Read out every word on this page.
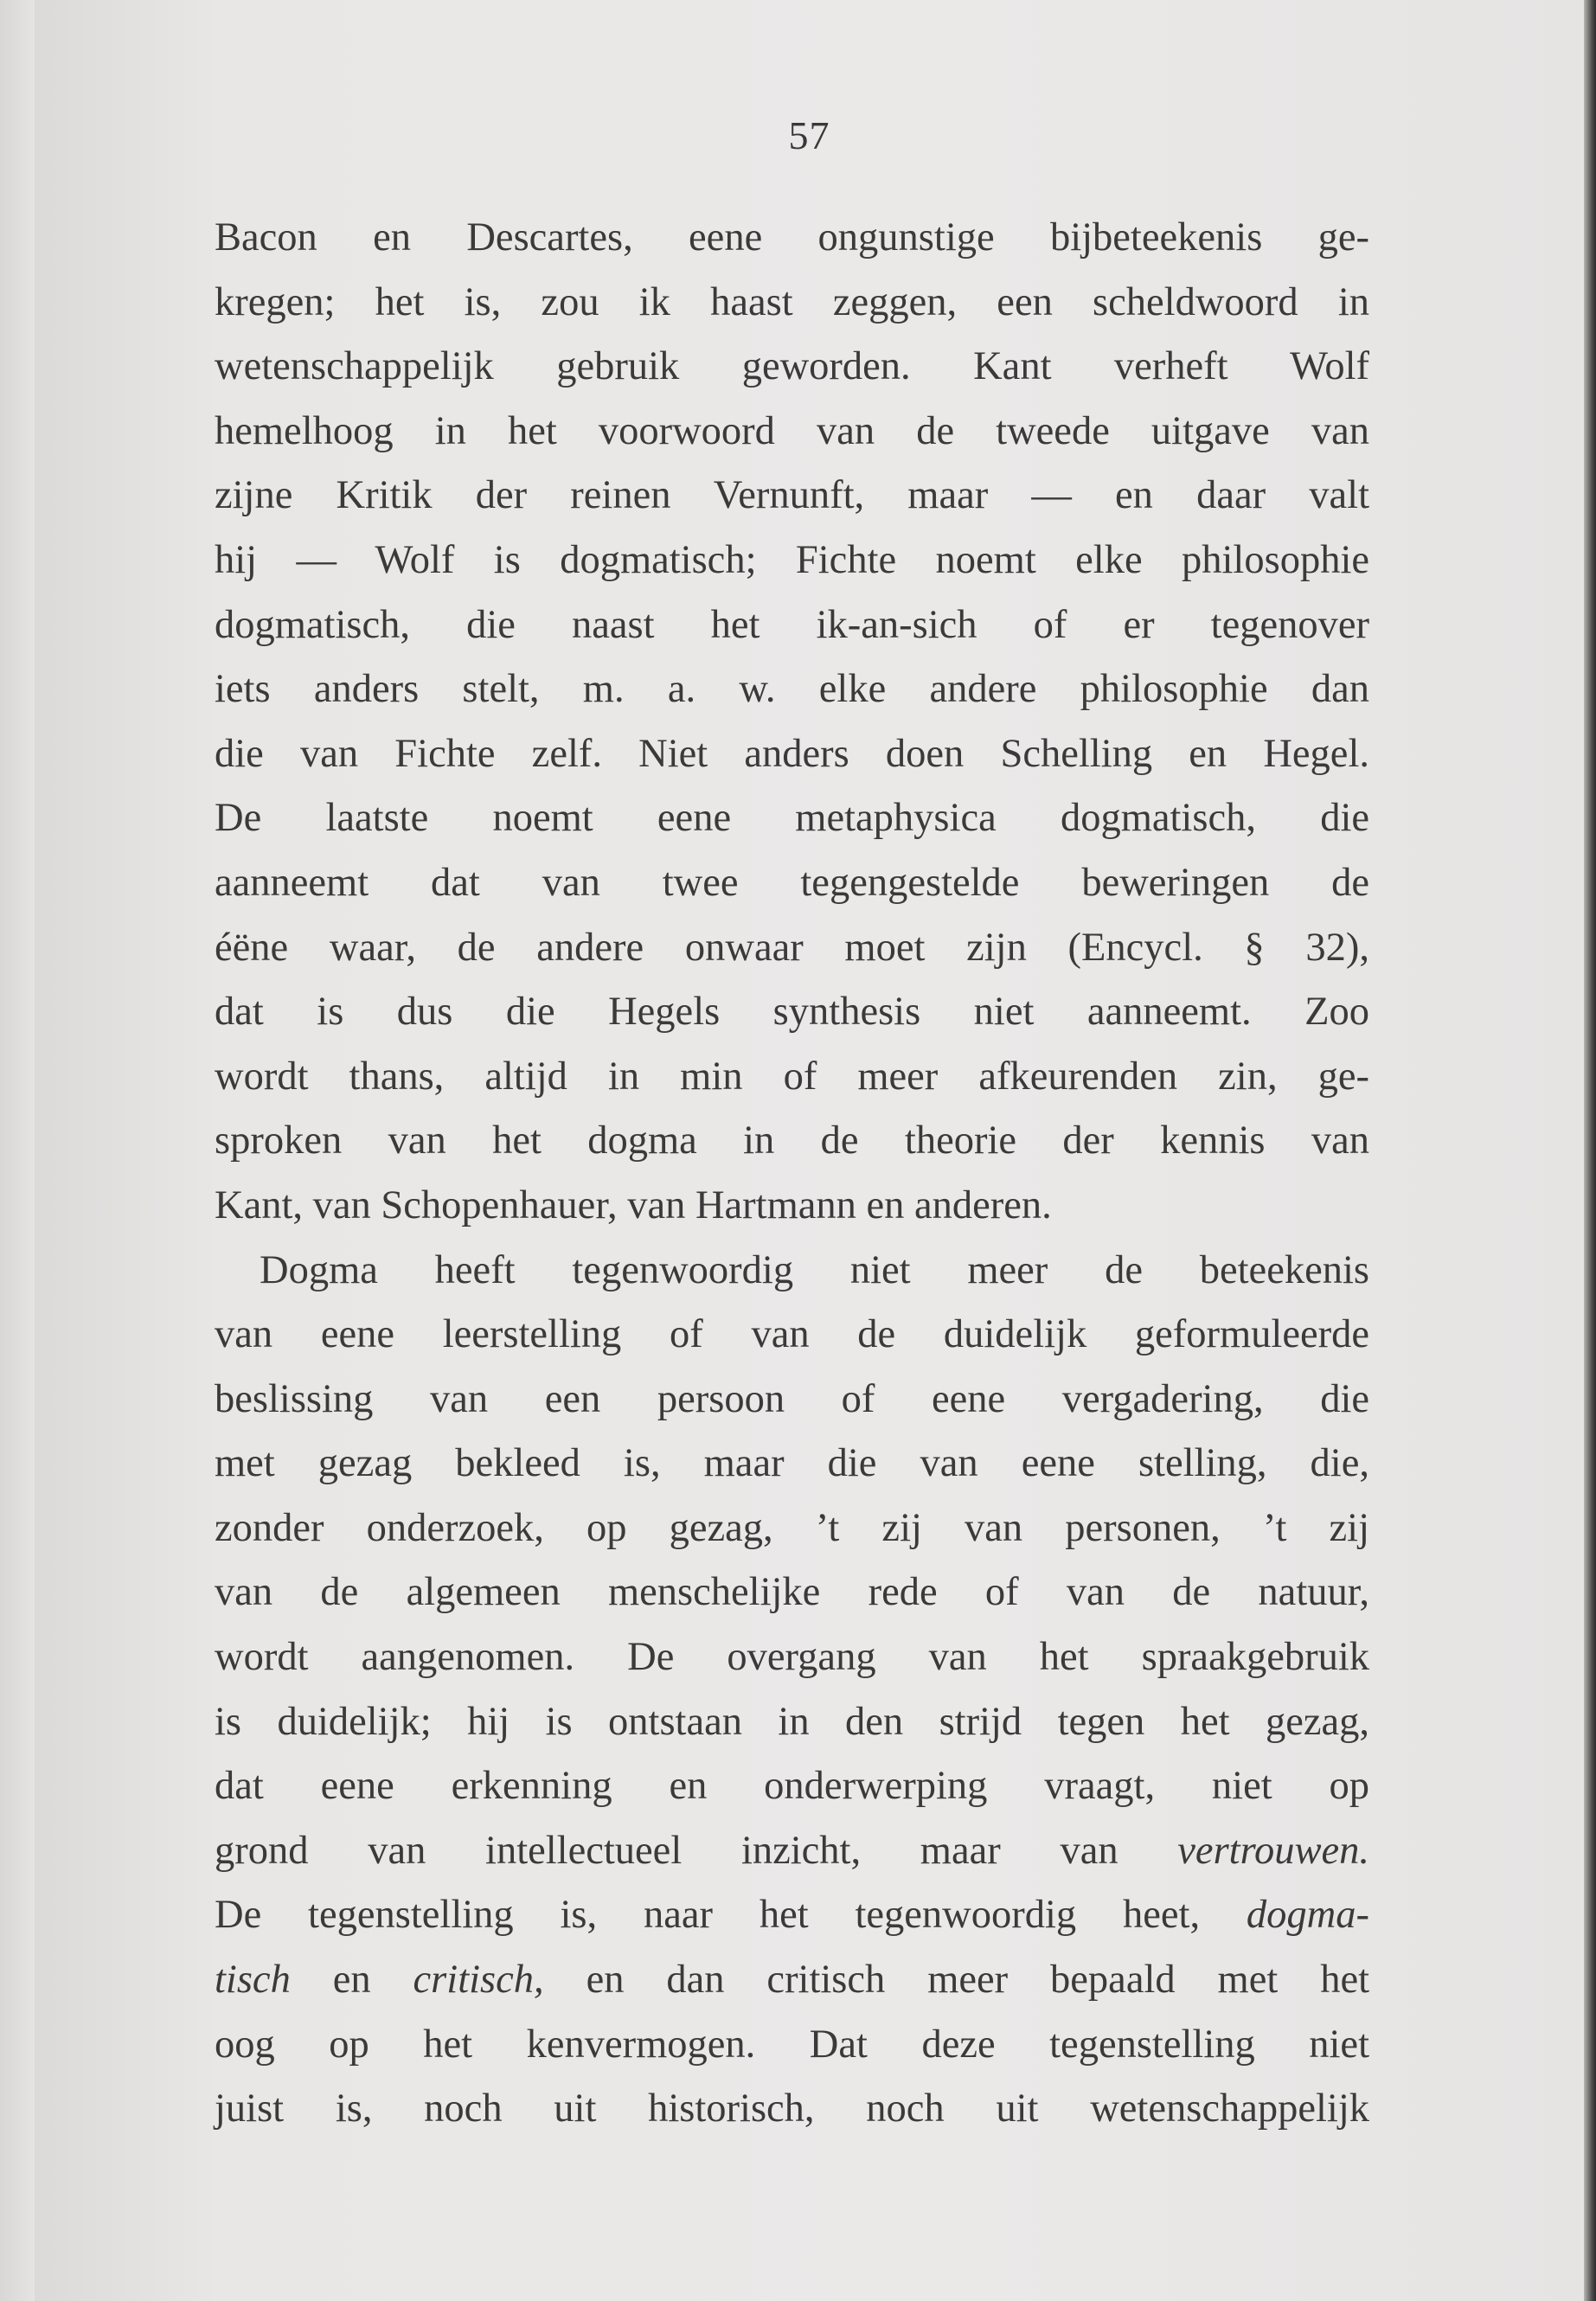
57
Bacon en Descartes, eene ongunstige bijbeteekenis ge-
kregen; het is, zou ik haast zeggen, een scheldwoord in
wetenschappelijk gebruik geworden. Kant verheft Wolf
hemelhoog in het voorwoord van de tweede uitgave van
zijne Kritik der reinen Vernunft, maar — en daar valt
hij — Wolf is dogmatisch; Fichte noemt elke philosophie
dogmatisch, die naast het ik-an-sich of er tegenover
iets anders stelt, m. a. w. elke andere philosophie dan
die van Fichte zelf. Niet anders doen Schelling en Hegel.
De laatste noemt eene metaphysica dogmatisch, die
aanneemt dat van twee tegengestelde beweringen de
éëne waar, de andere onwaar moet zijn (Encycl. § 32),
dat is dus die Hegels synthesis niet aanneemt. Zoo
wordt thans, altijd in min of meer afkeurenden zin, ge-
sproken van het dogma in de theorie der kennis van
Kant, van Schopenhauer, van Hartmann en anderen.
Dogma heeft tegenwoordig niet meer de beteekenis
van eene leerstelling of van de duidelijk geformuleerde
beslissing van een persoon of eene vergadering, die
met gezag bekleed is, maar die van eene stelling, die,
zonder onderzoek, op gezag, ’t zij van personen, ’t zij
van de algemeen menschelijke rede of van de natuur,
wordt aangenomen. De overgang van het spraakgebruik
is duidelijk; hij is ontstaan in den strijd tegen het gezag,
dat eene erkenning en onderwerping vraagt, niet op
grond van intellectueel inzicht, maar van vertrouwen.
De tegenstelling is, naar het tegenwoordig heet, dogma-
tisch en critisch, en dan critisch meer bepaald met het
oog op het kenvermogen. Dat deze tegenstelling niet
juist is, noch uit historisch, noch uit wetenschappelijk
